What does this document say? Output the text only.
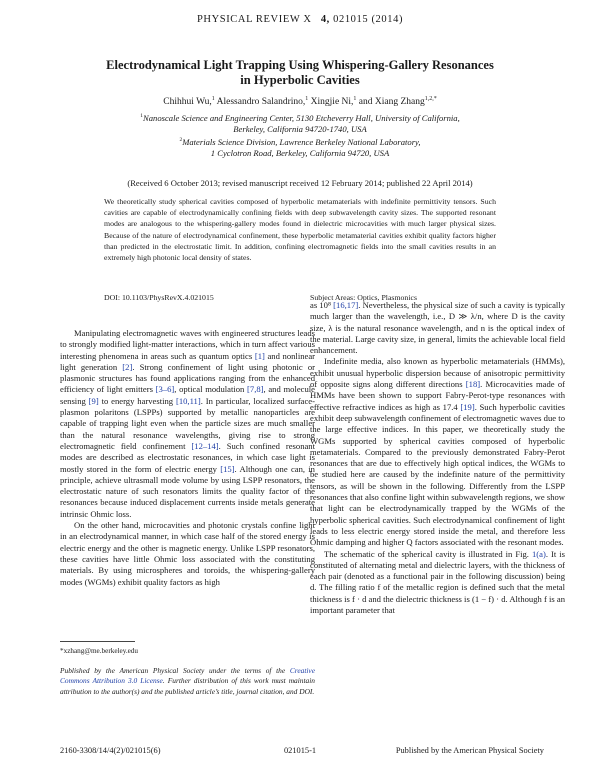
PHYSICAL REVIEW X 4, 021015 (2014)
Electrodynamical Light Trapping Using Whispering-Gallery Resonances
in Hyperbolic Cavities
Chihhui Wu,$^1$ Alessandro Salandrino,$^1$ Xingjie Ni,$^1$ and Xiang Zhang$^{1,2,*}$
$^1$Nanoscale Science and Engineering Center, 5130 Etcheverry Hall, University of California,
Berkeley, California 94720-1740, USA
$^2$Materials Science Division, Lawrence Berkeley National Laboratory,
1 Cyclotron Road, Berkeley, California 94720, USA
(Received 6 October 2013; revised manuscript received 12 February 2014; published 22 April 2014)
We theoretically study spherical cavities composed of hyperbolic metamaterials with indefinite permittivity tensors. Such cavities are capable of electrodynamically confining fields with deep subwavelength cavity sizes. The supported resonant modes are analogous to the whispering-gallery modes found in dielectric microcavities with much larger physical sizes. Because of the nature of electrodynamical confinement, these hyperbolic metamaterial cavities exhibit quality factors higher than predicted in the electrostatic limit. In addition, confining electromagnetic fields into the small cavities results in an extremely high photonic local density of states.
DOI: 10.1103/PhysRevX.4.021015	Subject Areas: Optics, Plasmonics

Manipulating electromagnetic waves with engineered structures leads to strongly modified light-matter interactions, which in turn affect various interesting phenomena in areas such as quantum optics [1] and nonlinear light generation [2]. Strong confinement of light using photonic or plasmonic structures has found applications ranging from the enhanced efficiency of light emitters [3–6], optical modulation [7,8], and molecule sensing [9] to energy harvesting [10,11]. In particular, localized surface-plasmon polaritons (LSPPs) supported by metallic nanoparticles are capable of trapping light even when the particle sizes are much smaller than the natural resonance wavelengths, giving rise to strong electromagnetic field confinement [12–14]. Such confined resonant modes are described as electrostatic resonances, in which case light is mostly stored in the form of electric energy [15]. Although one can, in principle, achieve ultrasmall mode volume by using LSPP resonators, the electrostatic nature of such resonators limits the quality factor of the resonances because induced displacement currents inside metals generate intrinsic Ohmic loss.

On the other hand, microcavities and photonic crystals confine light in an electrodynamical manner, in which case half of the stored energy is electric energy and the other is magnetic energy. Unlike LSPP resonators, these cavities have little Ohmic loss associated with the constituting materials. By using microspheres and toroids, the whispering-gallery modes (WGMs) exhibit quality factors as high

as 10⁸ [16,17]. Nevertheless, the physical size of such a cavity is typically much larger than the wavelength, i.e., D ≫ λ/n, where D is the cavity size, λ is the natural resonance wavelength, and n is the optical index of the material. Large cavity size, in general, limits the achievable local field enhancement.

Indefinite media, also known as hyperbolic metamaterials (HMMs), exhibit unusual hyperbolic dispersion because of anisotropic permittivity of opposite signs along different directions [18]. Microcavities made of HMMs have been shown to support Fabry-Perot-type resonances with effective refractive indices as high as 17.4 [19]. Such hyperbolic cavities exhibit deep subwavelength confinement of electromagnetic waves due to the large effective indices. In this paper, we theoretically study the WGMs supported by spherical cavities composed of hyperbolic metamaterials. Compared to the previously demonstrated Fabry-Perot resonances that are due to effectively high optical indices, the WGMs to be studied here are caused by the indefinite nature of the permittivity tensors, as will be shown in the following. Differently from the LSPP resonances that also confine light within subwavelength regions, we show that light can be electrodynamically trapped by the WGMs of the hyperbolic spherical cavities. Such electrodynamical confinement of light leads to less electric energy stored inside the metal, and therefore less Ohmic damping and higher Q factors associated with the resonant modes.

The schematic of the spherical cavity is illustrated in Fig. 1(a). It is constituted of alternating metal and dielectric layers, with the thickness of each pair (denoted as a functional pair in the following discussion) being d. The filling ratio f of the metallic region is defined such that the metal thickness is f · d and the dielectric thickness is (1 − f) · d. Although f is an important parameter that

*xzhang@me.berkeley.edu
Published by the American Physical Society under the terms of the Creative Commons Attribution 3.0 License. Further distribution of this work must maintain attribution to the author(s) and the published article’s title, journal citation, and DOI.
2160-3308/14/4(2)/021015(6)	021015-1	Published by the American Physical Society
